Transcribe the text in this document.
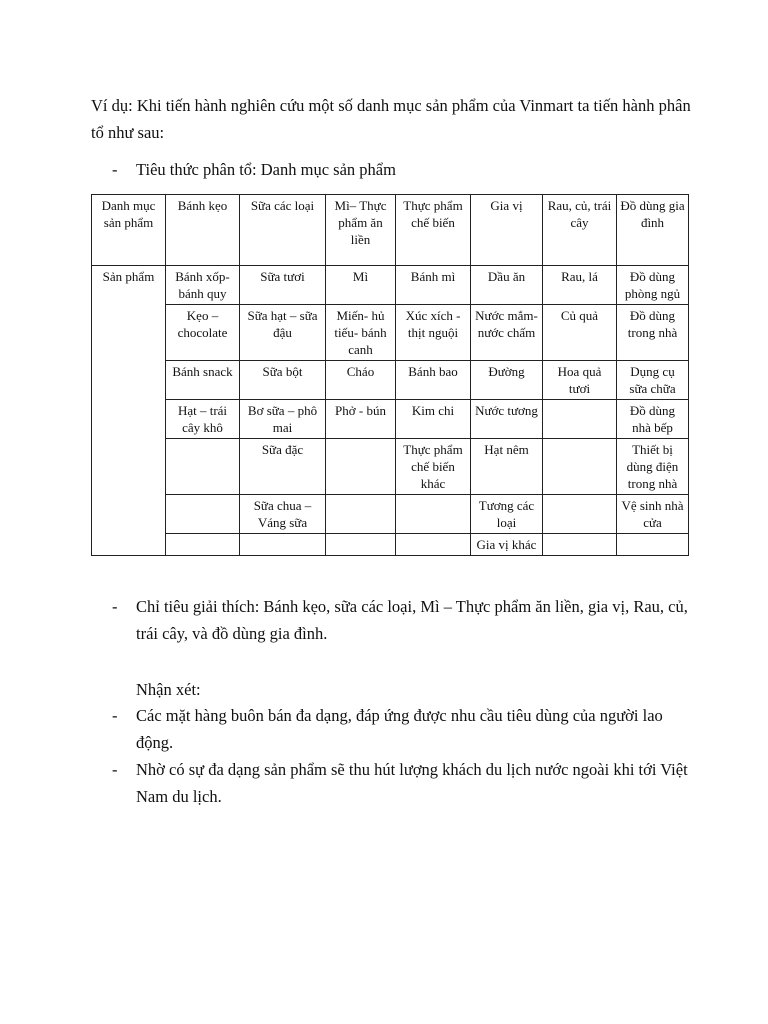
Ví dụ: Khi tiến hành nghiên cứu một số danh mục sản phẩm của Vinmart ta tiến hành phân tổ như sau:
-	Tiêu thức phân tổ: Danh mục sản phẩm
Danh mục sản phẩm	Bánh kẹo	Sữa các loại	Mì– Thực phẩm ăn liền	Thực phẩm chế biến	Gia vị	Rau, củ, trái cây	Đồ dùng gia đình
Sản phẩm	Bánh xốp- bánh quy	Sữa tươi	Mì	Bánh mì	Dầu ăn	Rau, lá	Đồ dùng phòng ngủ
	Kẹo – chocolate	Sữa hạt – sữa đậu	Miến- hủ tiếu- bánh canh	Xúc xích -thịt nguội	Nước mắm- nước chấm	Củ quả	Đồ dùng trong nhà
	Bánh snack	Sữa bột	Cháo	Bánh bao	Đường	Hoa quả tươi	Dụng cụ sữa chữa
	Hạt – trái cây khô	Bơ sữa – phô mai	Phở - bún	Kim chi	Nước tương		Đồ dùng nhà bếp
		Sữa đặc		Thực phẩm chế biến khác	Hạt nêm		Thiết bị dùng điện trong nhà
		Sữa chua – Váng sữa			Tương các loại		Vệ sinh nhà cửa
					Gia vị khác		
-	Chỉ tiêu giải thích: Bánh kẹo, sữa các loại, Mì – Thực phẩm ăn liền, gia vị, Rau, củ, trái cây, và đồ dùng gia đình.
Nhận xét:
-	Các mặt hàng buôn bán đa dạng, đáp ứng được nhu cầu tiêu dùng của người lao động.
-	Nhờ có sự đa dạng sản phẩm sẽ thu hút lượng khách du lịch nước ngoài khi tới Việt Nam du lịch.
